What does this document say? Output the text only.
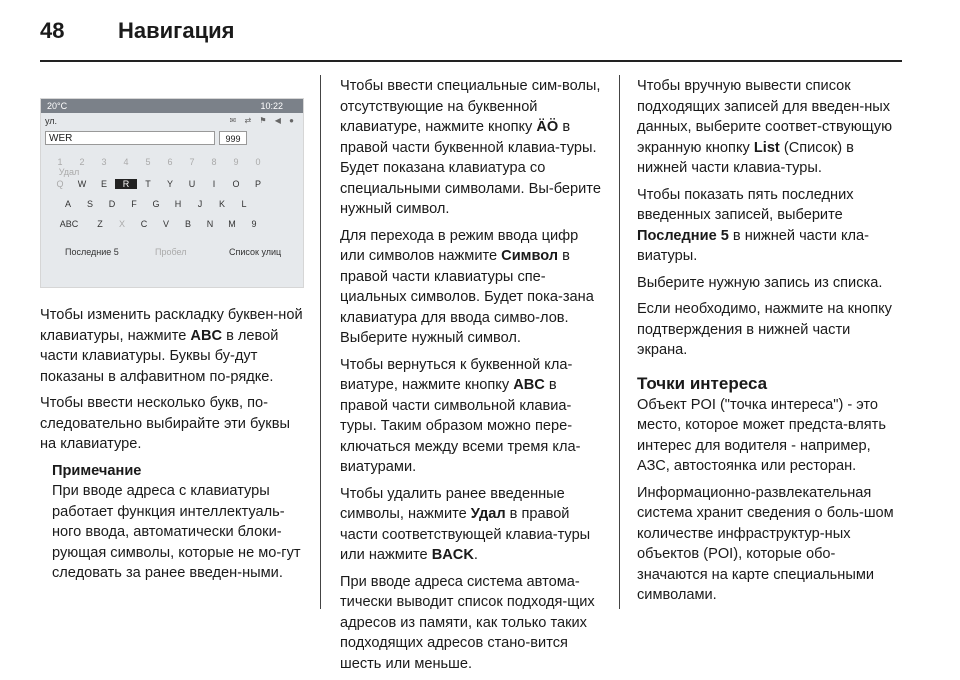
48 Навигация
20°C	10:22
ул.	✉ ⇄ ⚑ ◀ ●
WER	999
1 2 3 4 5 6 7 8 9 0Удал
Q W E R T Y U I O P
A S D F G H J K L
ABC Z X C V B N M 9
Последние 5	Пробел	Список улиц

Чтобы изменить раскладку буквен-ной клавиатуры, нажмите ABC в левой части клавиатуры. Буквы бу-дут показаны в алфавитном по-рядке.

Чтобы ввести несколько букв, по-следовательно выбирайте эти буквы на клавиатуре.

Примечание
При вводе адреса с клавиатуры работает функция интеллектуаль-ного ввода, автоматически блоки-рующая символы, которые не мо-гут следовать за ранее введен-ными.

Чтобы ввести специальные сим-волы, отсутствующие на буквенной клавиатуре, нажмите кнопку ÄÖ в правой части буквенной клавиа-туры. Будет показана клавиатура со специальными символами. Вы-берите нужный символ.

Для перехода в режим ввода цифр или символов нажмите Символ в правой части клавиатуры спе-циальных символов. Будет пока-зана клавиатура для ввода симво-лов. Выберите нужный символ.

Чтобы вернуться к буквенной кла-виатуре, нажмите кнопку ABC в правой части символьной клавиа-туры. Таким образом можно пере-ключаться между всеми тремя кла-виатурами.

Чтобы удалить ранее введенные символы, нажмите Удал в правой части соответствующей клавиа-туры или нажмите BACK.

При вводе адреса система автома-тически выводит список подходя-щих адресов из памяти, как только таких подходящих адресов стано-вится шесть или меньше.

Чтобы вручную вывести список подходящих записей для введен-ных данных, выберите соответ-ствующую экранную кнопку List (Список) в нижней части клавиа-туры.

Чтобы показать пять последних введенных записей, выберите Последние 5 в нижней части кла-виатуры.

Выберите нужную запись из списка.

Если необходимо, нажмите на кнопку подтверждения в нижней части экрана.

Точки интереса

Объект POI ("точка интереса") - это место, которое может предста-влять интерес для водителя - например, АЗС, автостоянка или ресторан.

Информационно-развлекательная система хранит сведения о боль-шом количестве инфраструктур-ных объектов (POI), которые обо-значаются на карте специальными символами.
